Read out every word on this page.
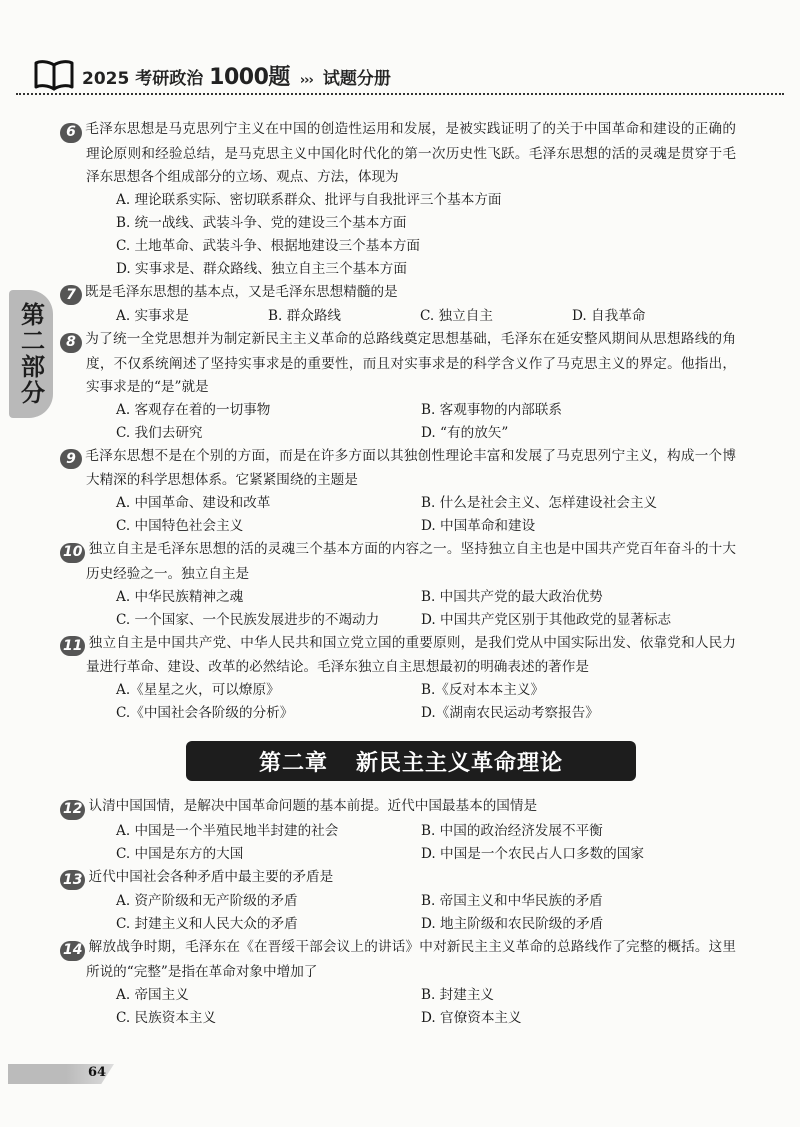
2025 考研政治 1000题 ››› 试题分册
第二部分
6 毛泽东思想是马克思列宁主义在中国的创造性运用和发展，是被实践证明了的关于中国革命和建设的正确的理论原则和经验总结，是马克思主义中国化时代化的第一次历史性飞跃。毛泽东思想的活的灵魂是贯穿于毛泽东思想各个组成部分的立场、观点、方法，体现为
A. 理论联系实际、密切联系群众、批评与自我批评三个基本方面
B. 统一战线、武装斗争、党的建设三个基本方面
C. 土地革命、武装斗争、根据地建设三个基本方面
D. 实事求是、群众路线、独立自主三个基本方面
7 既是毛泽东思想的基本点，又是毛泽东思想精髓的是
A. 实事求是	B. 群众路线	C. 独立自主	D. 自我革命
8 为了统一全党思想并为制定新民主主义革命的总路线奠定思想基础，毛泽东在延安整风期间从思想路线的角度，不仅系统阐述了坚持实事求是的重要性，而且对实事求是的科学含义作了马克思主义的界定。他指出，实事求是的“是”就是
A. 客观存在着的一切事物	B. 客观事物的内部联系
C. 我们去研究	D. “有的放矢”
9 毛泽东思想不是在个别的方面，而是在许多方面以其独创性理论丰富和发展了马克思列宁主义，构成一个博大精深的科学思想体系。它紧紧围绕的主题是
A. 中国革命、建设和改革	B. 什么是社会主义、怎样建设社会主义
C. 中国特色社会主义	D. 中国革命和建设
10 独立自主是毛泽东思想的活的灵魂三个基本方面的内容之一。坚持独立自主也是中国共产党百年奋斗的十大历史经验之一。独立自主是
A. 中华民族精神之魂	B. 中国共产党的最大政治优势
C. 一个国家、一个民族发展进步的不竭动力	D. 中国共产党区别于其他政党的显著标志
11 独立自主是中国共产党、中华人民共和国立党立国的重要原则，是我们党从中国实际出发、依靠党和人民力量进行革命、建设、改革的必然结论。毛泽东独立自主思想最初的明确表述的著作是
A.《星星之火，可以燎原》	B.《反对本本主义》
C.《中国社会各阶级的分析》	D.《湖南农民运动考察报告》
第二章 新民主主义革命理论
12 认清中国国情，是解决中国革命问题的基本前提。近代中国最基本的国情是
A. 中国是一个半殖民地半封建的社会	B. 中国的政治经济发展不平衡
C. 中国是东方的大国	D. 中国是一个农民占人口多数的国家
13 近代中国社会各种矛盾中最主要的矛盾是
A. 资产阶级和无产阶级的矛盾	B. 帝国主义和中华民族的矛盾
C. 封建主义和人民大众的矛盾	D. 地主阶级和农民阶级的矛盾
14 解放战争时期，毛泽东在《在晋绥干部会议上的讲话》中对新民主主义革命的总路线作了完整的概括。这里所说的“完整”是指在革命对象中增加了
A. 帝国主义	B. 封建主义
C. 民族资本主义	D. 官僚资本主义
64
